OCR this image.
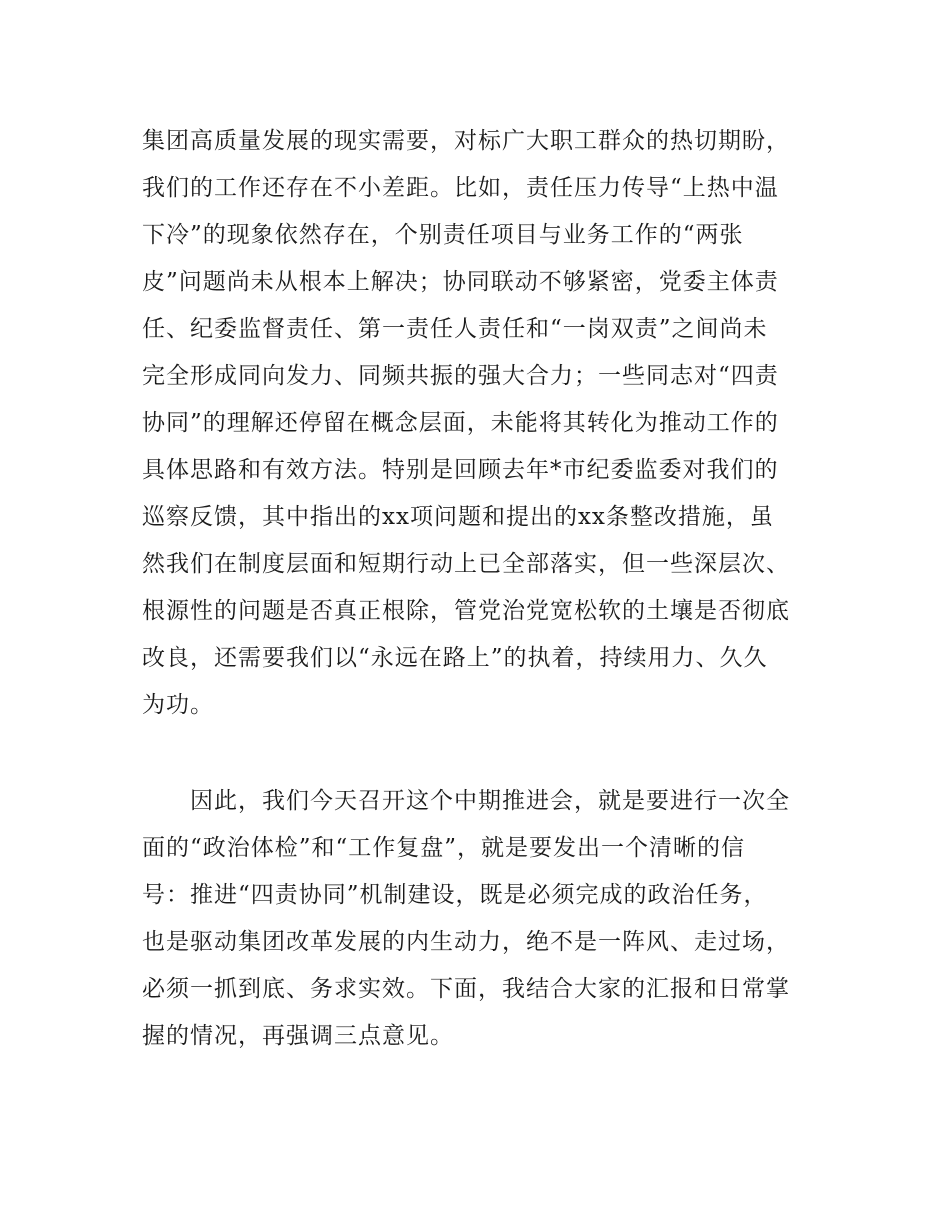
集团高质量发展的现实需要，对标广大职工群众的热切期盼，
我们的工作还存在不小差距。比如，责任压力传导“上热中温
下冷”的现象依然存在，个别责任项目与业务工作的“两张
皮”问题尚未从根本上解决；协同联动不够紧密，党委主体责
任、纪委监督责任、第一责任人责任和“一岗双责”之间尚未
完全形成同向发力、同频共振的强大合力；一些同志对“四责
协同”的理解还停留在概念层面，未能将其转化为推动工作的
具体思路和有效方法。特别是回顾去年*市纪委监委对我们的
巡察反馈，其中指出的xx项问题和提出的xx条整改措施，虽
然我们在制度层面和短期行动上已全部落实，但一些深层次、
根源性的问题是否真正根除，管党治党宽松软的土壤是否彻底
改良，还需要我们以“永远在路上”的执着，持续用力、久久
为功。
因此，我们今天召开这个中期推进会，就是要进行一次全
面的“政治体检”和“工作复盘”，就是要发出一个清晰的信
号：推进“四责协同”机制建设，既是必须完成的政治任务，
也是驱动集团改革发展的内生动力，绝不是一阵风、走过场，
必须一抓到底、务求实效。下面，我结合大家的汇报和日常掌
握的情况，再强调三点意见。
